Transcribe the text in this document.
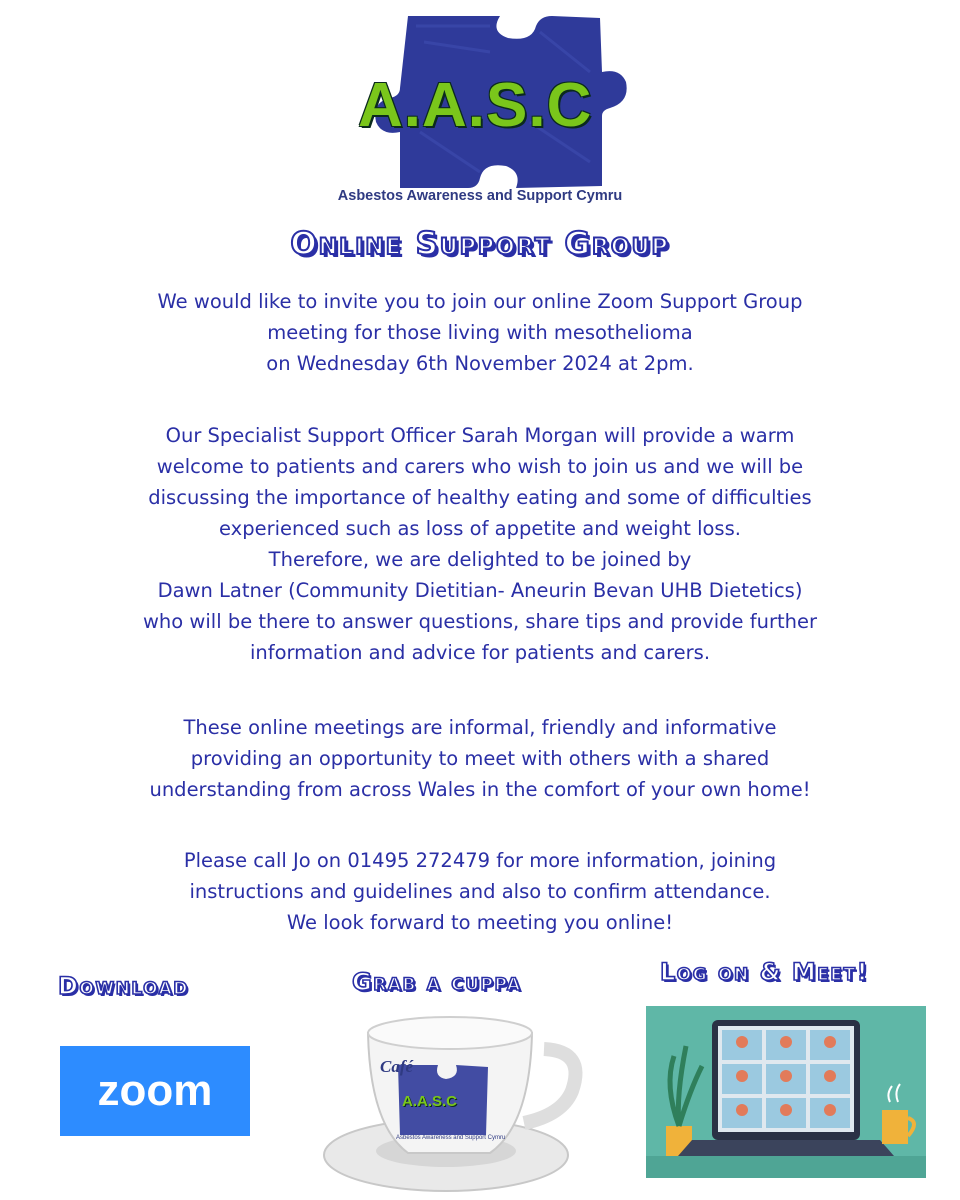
A.A.S.C
Asbestos Awareness and Support Cymru
Online Support Group
We would like to invite you to join our online Zoom Support Group
meeting for those living with mesothelioma
on Wednesday 6th November 2024 at 2pm.
Our Specialist Support Officer Sarah Morgan will provide a warm
welcome to patients and carers who wish to join us and we will be
discussing the importance of healthy eating and some of difficulties
experienced such as loss of appetite and weight loss.
Therefore, we are delighted to be joined by
Dawn Latner (Community Dietitian- Aneurin Bevan UHB Dietetics)
who will be there to answer questions, share tips and provide further
information and advice for patients and carers.
These online meetings are informal, friendly and informative
providing an opportunity to meet with others with a shared
understanding from across Wales in the comfort of your own home!
Please call Jo on 01495 272479 for more information, joining
instructions and guidelines and also to confirm attendance.
We look forward to meeting you online!
Download	Grab a cuppa	Log on & Meet!
zoom	Café
A.A.S.C
Asbestos Awareness and Support Cymru
